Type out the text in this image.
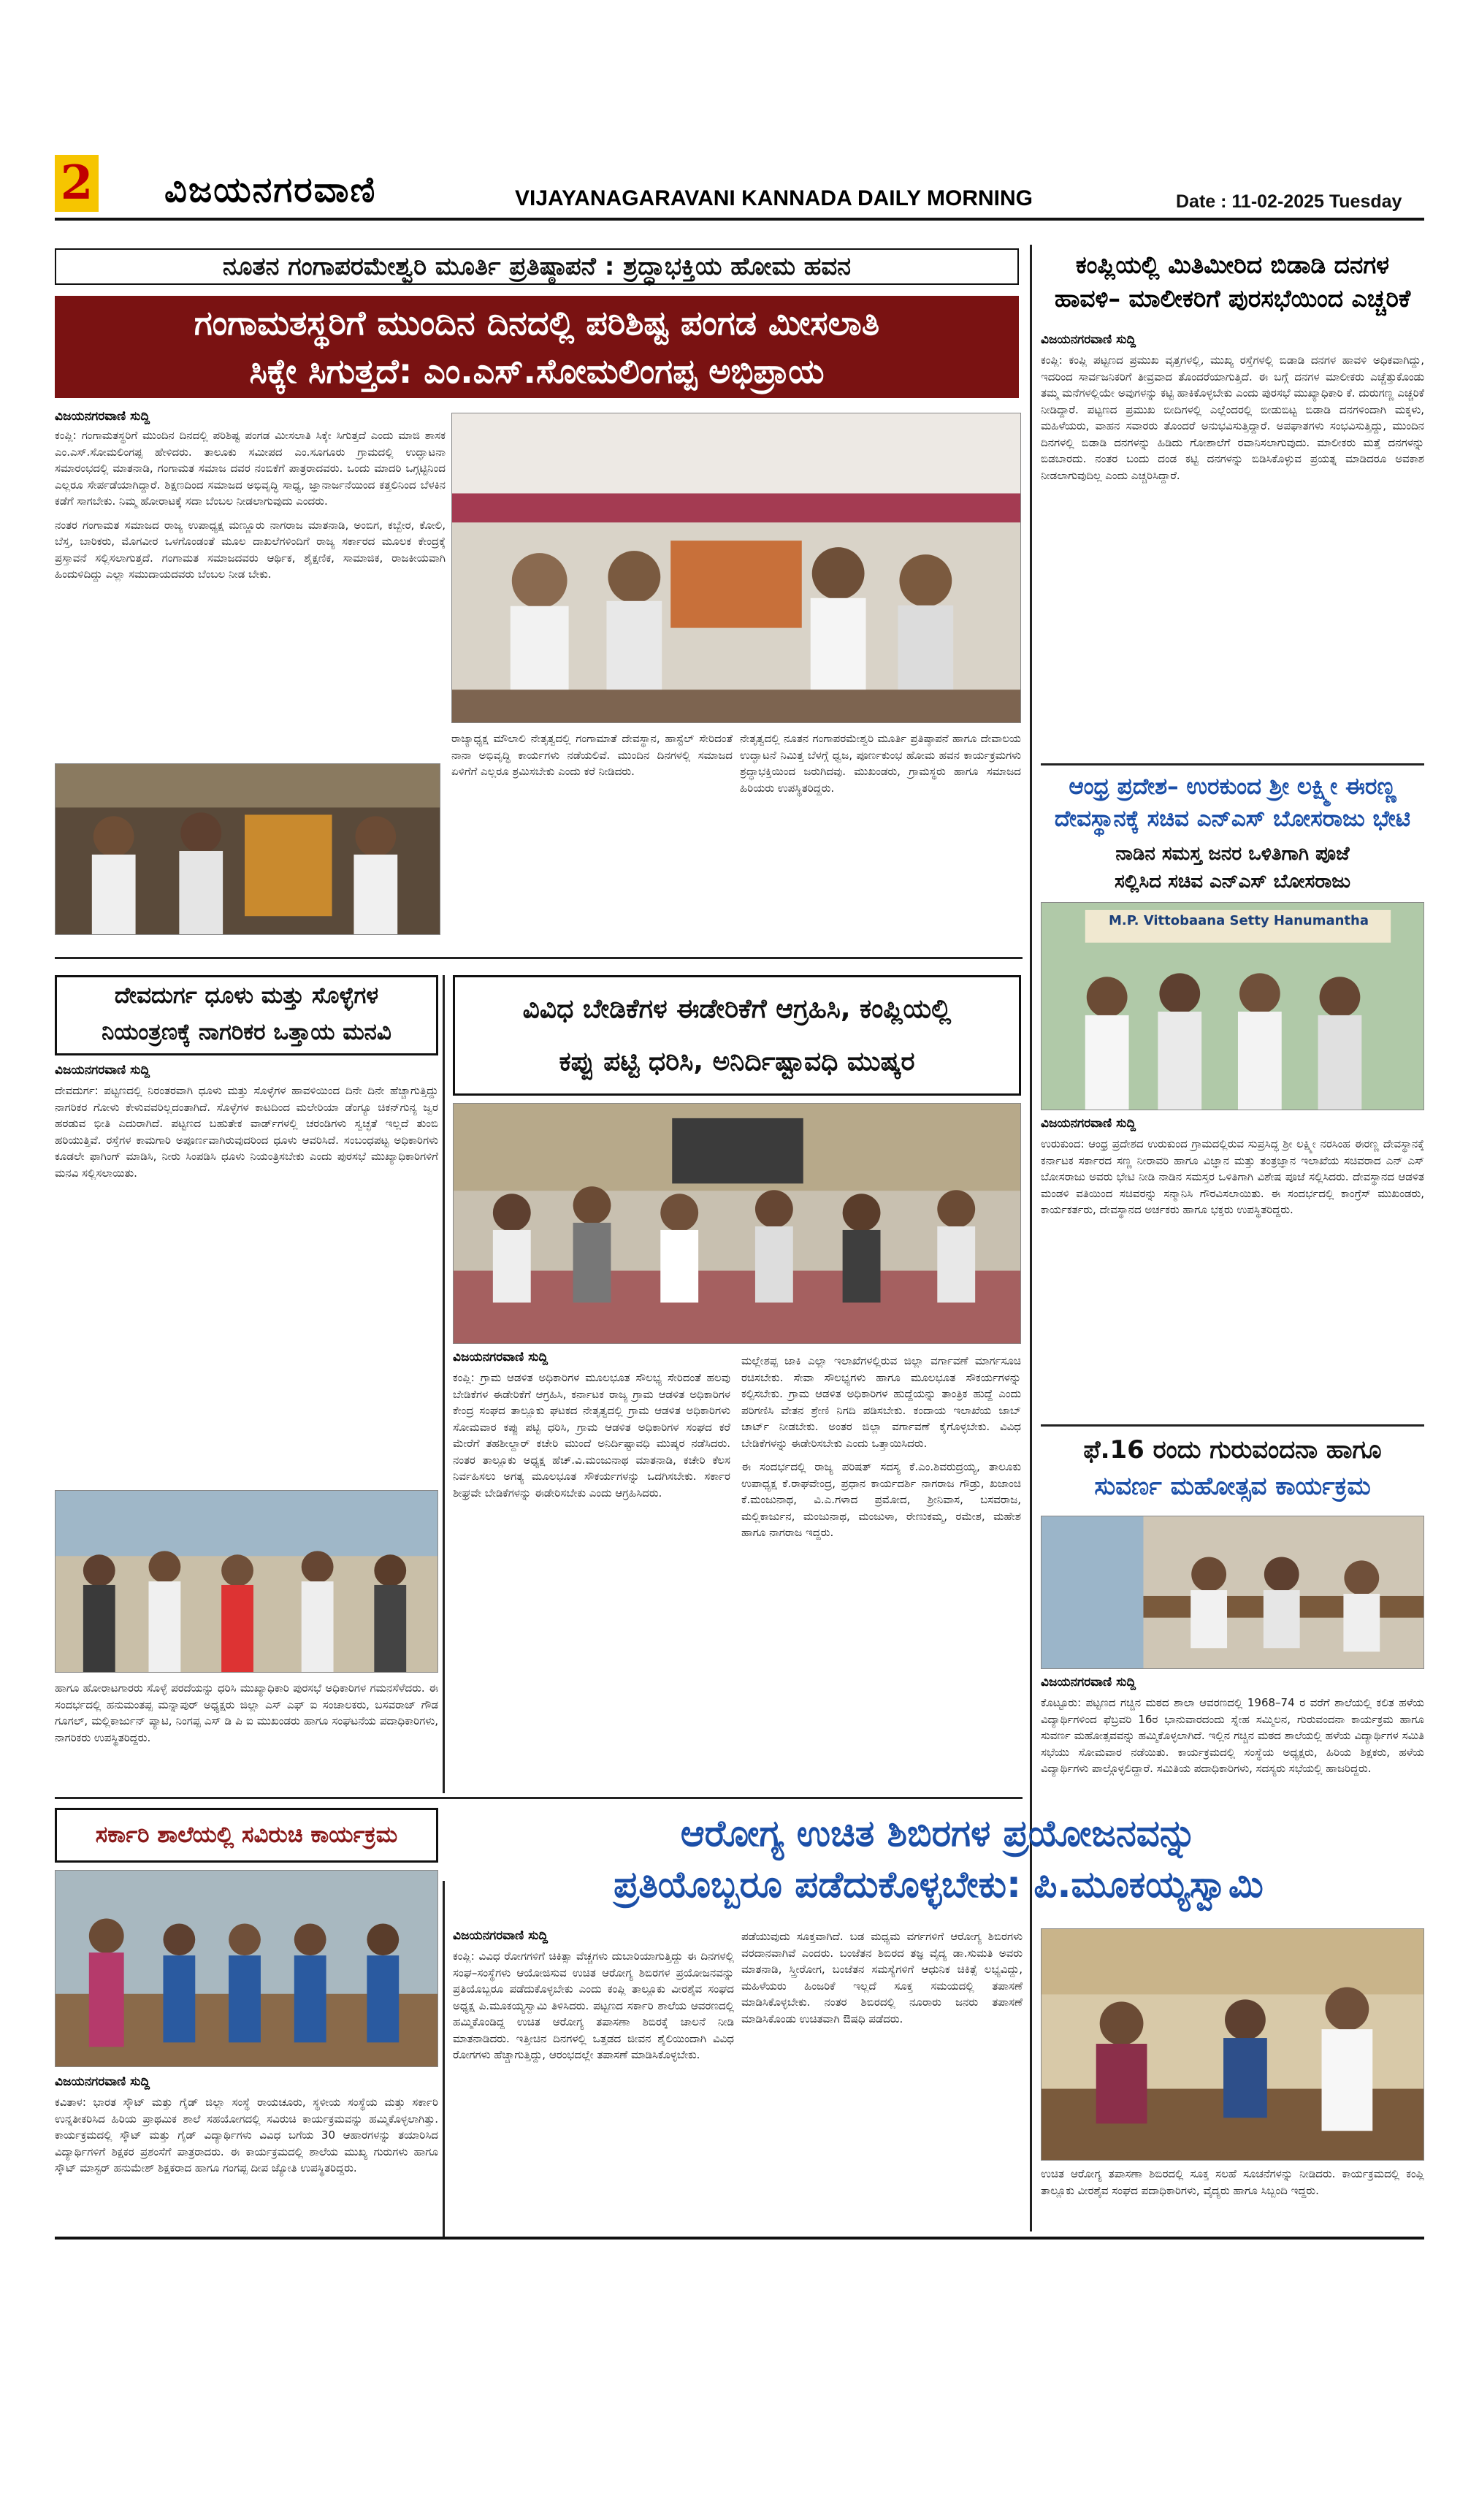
2 ವಿಜಯನಗರವಾಣಿ	VIJAYANAGARAVANI KANNADA DAILY MORNING	Date : 11-02-2025 Tuesday
ನೂತನ ಗಂಗಾಪರಮೇಶ್ವರಿ ಮೂರ್ತಿ ಪ್ರತಿಷ್ಠಾಪನೆ : ಶ್ರದ್ಧಾಭಕ್ತಿಯ ಹೋಮ ಹವನ
ಗಂಗಾಮತಸ್ಥರಿಗೆ ಮುಂದಿನ ದಿನದಲ್ಲಿ ಪರಿಶಿಷ್ಟ ಪಂಗಡ ಮೀಸಲಾತಿ
ಸಿಕ್ಕೇ ಸಿಗುತ್ತದೆ: ಎಂ.ಎಸ್.ಸೋಮಲಿಂಗಪ್ಪ ಅಭಿಪ್ರಾಯ
ವಿಜಯನಗರವಾಣಿ ಸುದ್ದಿ

ಕಂಪ್ಲಿ: ಗಂಗಾಮತಸ್ಥರಿಗೆ ಮುಂದಿನ ದಿನದಲ್ಲಿ ಪರಿಶಿಷ್ಟ ಪಂಗಡ ಮೀಸಲಾತಿ ಸಿಕ್ಕೇ ಸಿಗುತ್ತದೆ ಎಂದು ಮಾಜಿ ಶಾಸಕ ಎಂ.ಎಸ್.ಸೋಮಲಿಂಗಪ್ಪ ಹೇಳಿದರು. ತಾಲೂಕು ಸಮೀಪದ ಎಂ.ಸೂಗೂರು ಗ್ರಾಮದಲ್ಲಿ ಉದ್ಘಾಟನಾ ಸಮಾರಂಭದಲ್ಲಿ ಮಾತನಾಡಿ, ಗಂಗಾಮತ ಸಮಾಜ ದವರ ನಂಬಿಕೆಗೆ ಪಾತ್ರರಾದವರು. ಒಂದು ಮಾದರಿ ಒಗ್ಗಟ್ಟಿನಿಂದ ಎಲ್ಲರೂ ಸೇರ್ಪಡೆಯಾಗಿದ್ದಾರೆ. ಶಿಕ್ಷಣದಿಂದ ಸಮಾಜದ ಅಭಿವೃದ್ಧಿ ಸಾಧ್ಯ, ಜ್ಞಾನಾರ್ಜನೆಯಿಂದ ಕತ್ತಲಿನಿಂದ ಬೆಳಕಿನ ಕಡೆಗೆ ಸಾಗಬೇಕು. ನಿಮ್ಮ ಹೋರಾಟಕ್ಕೆ ಸದಾ ಬೆಂಬಲ ನೀಡಲಾಗುವುದು ಎಂದರು.

ನಂತರ ಗಂಗಾಮತ ಸಮಾಜದ ರಾಜ್ಯ ಉಪಾಧ್ಯಕ್ಷ ಮಣ್ಣೂರು ನಾಗರಾಜ ಮಾತನಾಡಿ, ಅಂಬಿಗ, ಕಬ್ಬೇರ, ಕೋಲಿ, ಬೆಸ್ತ, ಬಾರಿಕರು, ಮೊಗವೀರ ಒಳಗೊಂಡಂತೆ ಮೂಲ ದಾಖಲೆಗಳಿಂದಿಗೆ ರಾಜ್ಯ ಸರ್ಕಾರದ ಮೂಲಕ ಕೇಂದ್ರಕ್ಕೆ ಪ್ರಸ್ತಾವನೆ ಸಲ್ಲಿಸಲಾಗುತ್ತದೆ. ಗಂಗಾಮತ ಸಮಾಜದವರು ಆರ್ಥಿಕ, ಶೈಕ್ಷಣಿಕ, ಸಾಮಾಜಿಕ, ರಾಜಕೀಯವಾಗಿ ಹಿಂದುಳಿದಿದ್ದು ಎಲ್ಲಾ ಸಮುದಾಯದವರು ಬೆಂಬಲ ನೀಡ ಬೇಕು.

ರಾಜ್ಯಾಧ್ಯಕ್ಷ ಮೌಲಾಲಿ ನೇತೃತ್ವದಲ್ಲಿ ಗಂಗಾಮಾತೆ ದೇವಸ್ಥಾನ, ಹಾಸ್ಟೆಲ್ ಸೇರಿದಂತೆ ನಾನಾ ಅಭಿವೃದ್ಧಿ ಕಾರ್ಯಗಳು ನಡೆಯಲಿವೆ. ಮುಂದಿನ ದಿನಗಳಲ್ಲಿ ಸಮಾಜದ ಏಳಿಗೆಗೆ ಎಲ್ಲರೂ ಶ್ರಮಿಸಬೇಕು ಎಂದು ಕರೆ ನೀಡಿದರು.
ನೇತೃತ್ವದಲ್ಲಿ ನೂತನ ಗಂಗಾಪರಮೇಶ್ವರಿ ಮೂರ್ತಿ ಪ್ರತಿಷ್ಠಾಪನೆ ಹಾಗೂ ದೇವಾಲಯ ಉದ್ಘಾಟನೆ ನಿಮಿತ್ತ ಬೆಳಗ್ಗೆ ಧ್ವಜ, ಪೂರ್ಣಕುಂಭ ಹೋಮ ಹವನ ಕಾರ್ಯಕ್ರಮಗಳು ಶ್ರದ್ಧಾಭಕ್ತಿಯಿಂದ ಜರುಗಿದವು. ಮುಖಂಡರು, ಗ್ರಾಮಸ್ಥರು ಹಾಗೂ ಸಮಾಜದ ಹಿರಿಯರು ಉಪಸ್ಥಿತರಿದ್ದರು.
ಕಂಪ್ಲಿಯಲ್ಲಿ ಮಿತಿಮೀರಿದ ಬಿಡಾಡಿ ದನಗಳ
ಹಾವಳಿ– ಮಾಲೀಕರಿಗೆ ಪುರಸಭೆಯಿಂದ ಎಚ್ಚರಿಕೆ
ವಿಜಯನಗರವಾಣಿ ಸುದ್ದಿ
ಕಂಪ್ಲಿ: ಕಂಪ್ಲಿ ಪಟ್ಟಣದ ಪ್ರಮುಖ ವೃತ್ತಗಳಲ್ಲಿ, ಮುಖ್ಯ ರಸ್ತೆಗಳಲ್ಲಿ ಬಿಡಾಡಿ ದನಗಳ ಹಾವಳಿ ಅಧಿಕವಾಗಿದ್ದು, ಇದರಿಂದ ಸಾರ್ವಜನಿಕರಿಗೆ ತೀವ್ರವಾದ ತೊಂದರೆಯಾಗುತ್ತಿದೆ. ಈ ಬಗ್ಗೆ ದನಗಳ ಮಾಲೀಕರು ಎಚ್ಚೆತ್ತುಕೊಂಡು ತಮ್ಮ ಮನೆಗಳಲ್ಲಿಯೇ ಅವುಗಳನ್ನು ಕಟ್ಟಿ ಹಾಕಿಕೊಳ್ಳಬೇಕು ಎಂದು ಪುರಸಭೆ ಮುಖ್ಯಾಧಿಕಾರಿ ಕೆ. ದುರುಗಣ್ಣ ಎಚ್ಚರಿಕೆ ನೀಡಿದ್ದಾರೆ. ಪಟ್ಟಣದ ಪ್ರಮುಖ ಬೀದಿಗಳಲ್ಲಿ ಎಲ್ಲೆಂದರಲ್ಲಿ ಬೀಡುಬಿಟ್ಟ ಬಿಡಾಡಿ ದನಗಳಿಂದಾಗಿ ಮಕ್ಕಳು, ಮಹಿಳೆಯರು, ವಾಹನ ಸವಾರರು ತೊಂದರೆ ಅನುಭವಿಸುತ್ತಿದ್ದಾರೆ. ಅಪಘಾತಗಳು ಸಂಭವಿಸುತ್ತಿದ್ದು, ಮುಂದಿನ ದಿನಗಳಲ್ಲಿ ಬಿಡಾಡಿ ದನಗಳನ್ನು ಹಿಡಿದು ಗೋಶಾಲೆಗೆ ರವಾನಿಸಲಾಗುವುದು. ಮಾಲೀಕರು ಮತ್ತೆ ದನಗಳನ್ನು ಬಿಡಬಾರದು. ನಂತರ ಬಂದು ದಂಡ ಕಟ್ಟಿ ದನಗಳನ್ನು ಬಿಡಿಸಿಕೊಳ್ಳುವ ಪ್ರಯತ್ನ ಮಾಡಿದರೂ ಅವಕಾಶ ನೀಡಲಾಗುವುದಿಲ್ಲ ಎಂದು ಎಚ್ಚರಿಸಿದ್ದಾರೆ.
ಆಂಧ್ರ ಪ್ರದೇಶ– ಉರಕುಂದ ಶ್ರೀ ಲಕ್ಷ್ಮೀ ಈರಣ್ಣ
ದೇವಸ್ಥಾನಕ್ಕೆ ಸಚಿವ ಎನ್‌ಎಸ್‌ ಬೋಸರಾಜು ಭೇಟಿ
ನಾಡಿನ ಸಮಸ್ತ ಜನರ ಒಳಿತಿಗಾಗಿ ಪೂಜೆ
ಸಲ್ಲಿಸಿದ ಸಚಿವ ಎನ್‌ಎಸ್ ಬೋಸರಾಜು
M.P. Vittobaana Setty Hanumantha
ವಿಜಯನಗರವಾಣಿ ಸುದ್ದಿ
ಉರುಕುಂದ: ಆಂಧ್ರ ಪ್ರದೇಶದ ಉರುಕುಂದ ಗ್ರಾಮದಲ್ಲಿರುವ ಸುಪ್ರಸಿದ್ಧ ಶ್ರೀ ಲಕ್ಷ್ಮೀ ನರಸಿಂಹ ಈರಣ್ಣ ದೇವಸ್ಥಾನಕ್ಕೆ ಕರ್ನಾಟಕ ಸರ್ಕಾರದ ಸಣ್ಣ ನೀರಾವರಿ ಹಾಗೂ ವಿಜ್ಞಾನ ಮತ್ತು ತಂತ್ರಜ್ಞಾನ ಇಲಾಖೆಯ ಸಚಿವರಾದ ಎನ್ ಎಸ್ ಬೋಸರಾಜು ಅವರು ಭೇಟಿ ನೀಡಿ ನಾಡಿನ ಸಮಸ್ತರ ಒಳಿತಿಗಾಗಿ ವಿಶೇಷ ಪೂಜೆ ಸಲ್ಲಿಸಿದರು. ದೇವಸ್ಥಾನದ ಆಡಳಿತ ಮಂಡಳಿ ವತಿಯಿಂದ ಸಚಿವರನ್ನು ಸನ್ಮಾನಿಸಿ ಗೌರವಿಸಲಾಯಿತು. ಈ ಸಂದರ್ಭದಲ್ಲಿ ಕಾಂಗ್ರೆಸ್ ಮುಖಂಡರು, ಕಾರ್ಯಕರ್ತರು, ದೇವಸ್ಥಾನದ ಅರ್ಚಕರು ಹಾಗೂ ಭಕ್ತರು ಉಪಸ್ಥಿತರಿದ್ದರು.
ಫೆ.16 ರಂದು ಗುರುವಂದನಾ ಹಾಗೂ
ಸುವರ್ಣ ಮಹೋತ್ಸವ ಕಾರ್ಯಕ್ರಮ
ವಿಜಯನಗರವಾಣಿ ಸುದ್ದಿ
ಕೊಟ್ಟೂರು: ಪಟ್ಟಣದ ಗಚ್ಚಿನ ಮಠದ ಶಾಲಾ ಆವರಣದಲ್ಲಿ 1968–74 ರ ವರೆಗೆ ಶಾಲೆಯಲ್ಲಿ ಕಲಿತ ಹಳೆಯ ವಿದ್ಯಾರ್ಥಿಗಳಿಂದ ಫೆಬ್ರವರಿ 16ರ ಭಾನುವಾರದಂದು ಸ್ನೇಹ ಸಮ್ಮಿಲನ, ಗುರುವಂದನಾ ಕಾರ್ಯಕ್ರಮ ಹಾಗೂ ಸುವರ್ಣ ಮಹೋತ್ಸವವನ್ನು ಹಮ್ಮಿಕೊಳ್ಳಲಾಗಿದೆ. ಇಲ್ಲಿನ ಗಚ್ಚಿನ ಮಠದ ಶಾಲೆಯಲ್ಲಿ ಹಳೆಯ ವಿದ್ಯಾರ್ಥಿಗಳ ಸಮಿತಿ ಸಭೆಯು ಸೋಮವಾರ ನಡೆಯಿತು. ಕಾರ್ಯಕ್ರಮದಲ್ಲಿ ಸಂಸ್ಥೆಯ ಅಧ್ಯಕ್ಷರು, ಹಿರಿಯ ಶಿಕ್ಷಕರು, ಹಳೆಯ ವಿದ್ಯಾರ್ಥಿಗಳು ಪಾಲ್ಗೊಳ್ಳಲಿದ್ದಾರೆ. ಸಮಿತಿಯ ಪದಾಧಿಕಾರಿಗಳು, ಸದಸ್ಯರು ಸಭೆಯಲ್ಲಿ ಹಾಜರಿದ್ದರು.
ದೇವದುರ್ಗ ಧೂಳು ಮತ್ತು ಸೊಳ್ಳೆಗಳ
ನಿಯಂತ್ರಣಕ್ಕೆ ನಾಗರಿಕರ ಒತ್ತಾಯ ಮನವಿ
ವಿಜಯನಗರವಾಣಿ ಸುದ್ದಿ
ದೇವದುರ್ಗ: ಪಟ್ಟಣದಲ್ಲಿ ನಿರಂತರವಾಗಿ ಧೂಳು ಮತ್ತು ಸೊಳ್ಳೆಗಳ ಹಾವಳಿಯಿಂದ ದಿನೇ ದಿನೇ ಹೆಚ್ಚಾಗುತ್ತಿದ್ದು ನಾಗರಿಕರ ಗೋಳು ಕೇಳುವವರಿಲ್ಲದಂತಾಗಿದೆ. ಸೊಳ್ಳೆಗಳ ಕಾಟದಿಂದ ಮಲೇರಿಯಾ ಡೆಂಗ್ಯೂ ಚಿಕನ್‌ಗುನ್ಯ ಜ್ವರ ಹರಡುವ ಭೀತಿ ಎದುರಾಗಿದೆ. ಪಟ್ಟಣದ ಬಹುತೇಕ ವಾರ್ಡ್‌ಗಳಲ್ಲಿ ಚರಂಡಿಗಳು ಸ್ವಚ್ಛತೆ ಇಲ್ಲದೆ ತುಂಬಿ ಹರಿಯುತ್ತಿವೆ. ರಸ್ತೆಗಳ ಕಾಮಗಾರಿ ಅಪೂರ್ಣವಾಗಿರುವುದರಿಂದ ಧೂಳು ಆವರಿಸಿದೆ. ಸಂಬಂಧಪಟ್ಟ ಅಧಿಕಾರಿಗಳು ಕೂಡಲೇ ಫಾಗಿಂಗ್ ಮಾಡಿಸಿ, ನೀರು ಸಿಂಪಡಿಸಿ ಧೂಳು ನಿಯಂತ್ರಿಸಬೇಕು ಎಂದು ಪುರಸಭೆ ಮುಖ್ಯಾಧಿಕಾರಿಗಳಿಗೆ ಮನವಿ ಸಲ್ಲಿಸಲಾಯಿತು.
ಹಾಗೂ ಹೋರಾಟಗಾರರು ಸೊಳ್ಳೆ ಪರದೆಯನ್ನು ಧರಿಸಿ ಮುಖ್ಯಾಧಿಕಾರಿ ಪುರಸಭೆ ಅಧಿಕಾರಿಗಳ ಗಮನಸೆಳೆದರು. ಈ ಸಂದರ್ಭದಲ್ಲಿ ಹನುಮಂತಪ್ಪ ಮನ್ನಾಪುರ್ ಅಧ್ಯಕ್ಷರು ಜಿಲ್ಲಾ ಎಸ್ ಎಫ್ ಐ ಸಂಚಾಲಕರು, ಬಸವರಾಜ್ ಗೌಡ ಗೂಗಲ್, ಮಲ್ಲಿಕಾರ್ಜುನ್ ಪ್ಯಾಟಿ, ನಿಂಗಪ್ಪ ಎಸ್ ಡಿ ಪಿ ಐ ಮುಖಂಡರು ಹಾಗೂ ಸಂಘಟನೆಯ ಪದಾಧಿಕಾರಿಗಳು, ನಾಗರಿಕರು ಉಪಸ್ಥಿತರಿದ್ದರು.
ವಿವಿಧ ಬೇಡಿಕೆಗಳ ಈಡೇರಿಕೆಗೆ ಆಗ್ರಹಿಸಿ, ಕಂಪ್ಲಿಯಲ್ಲಿ
ಕಪ್ಪು ಪಟ್ಟಿ ಧರಿಸಿ, ಅನಿರ್ದಿಷ್ಟಾವಧಿ ಮುಷ್ಕರ
ವಿಜಯನಗರವಾಣಿ ಸುದ್ದಿ
ಕಂಪ್ಲಿ: ಗ್ರಾಮ ಆಡಳಿತ ಅಧಿಕಾರಿಗಳ ಮೂಲಭೂತ ಸೌಲಭ್ಯ ಸೇರಿದಂತೆ ಹಲವು ಬೇಡಿಕೆಗಳ ಈಡೇರಿಕೆಗೆ ಆಗ್ರಹಿಸಿ, ಕರ್ನಾಟಕ ರಾಜ್ಯ ಗ್ರಾಮ ಆಡಳಿತ ಅಧಿಕಾರಿಗಳ ಕೇಂದ್ರ ಸಂಘದ ತಾಲ್ಲೂಕು ಘಟಕದ ನೇತೃತ್ವದಲ್ಲಿ ಗ್ರಾಮ ಆಡಳಿತ ಅಧಿಕಾರಿಗಳು ಸೋಮವಾರ ಕಪ್ಪು ಪಟ್ಟಿ ಧರಿಸಿ, ಗ್ರಾಮ ಆಡಳಿತ ಅಧಿಕಾರಿಗಳ ಸಂಘದ ಕರೆ ಮೇರೆಗೆ ತಹಶೀಲ್ದಾರ್ ಕಚೇರಿ ಮುಂದೆ ಅನಿರ್ದಿಷ್ಟಾವಧಿ ಮುಷ್ಕರ ನಡೆಸಿದರು. ನಂತರ ತಾಲ್ಲೂಕು ಅಧ್ಯಕ್ಷ ಹೆಚ್.ವಿ.ಮಂಜುನಾಥ ಮಾತನಾಡಿ, ಕಚೇರಿ ಕೆಲಸ ನಿರ್ವಹಿಸಲು ಅಗತ್ಯ ಮೂಲಭೂತ ಸೌಕರ್ಯಗಳನ್ನು ಒದಗಿಸಬೇಕು. ಸರ್ಕಾರ ಶೀಘ್ರವೇ ಬೇಡಿಕೆಗಳನ್ನು ಈಡೇರಿಸಬೇಕು ಎಂದು ಆಗ್ರಹಿಸಿದರು.

ಮಲ್ಲೇಶಪ್ಪ ಜಾಕಿ ಎಲ್ಲಾ ಇಲಾಖೆಗಳಲ್ಲಿರುವ ಜಿಲ್ಲಾ ವರ್ಗಾವಣೆ ಮಾರ್ಗಸೂಚಿ ರಚಿಸಬೇಕು. ಸೇವಾ ಸೌಲಭ್ಯಗಳು ಹಾಗೂ ಮೂಲಭೂತ ಸೌಕರ್ಯಗಳನ್ನು ಕಲ್ಪಿಸಬೇಕು. ಗ್ರಾಮ ಆಡಳಿತ ಅಧಿಕಾರಿಗಳ ಹುದ್ದೆಯನ್ನು ತಾಂತ್ರಿಕ ಹುದ್ದೆ ಎಂದು ಪರಿಗಣಿಸಿ ವೇತನ ಶ್ರೇಣಿ ನಿಗದಿ ಪಡಿಸಬೇಕು. ಕಂದಾಯ ಇಲಾಖೆಯ ಜಾಬ್ ಚಾರ್ಟ್ ನೀಡಬೇಕು. ಅಂತರ ಜಿಲ್ಲಾ ವರ್ಗಾವಣೆ ಕೈಗೊಳ್ಳಬೇಕು. ವಿವಿಧ ಬೇಡಿಕೆಗಳನ್ನು ಈಡೇರಿಸಬೇಕು ಎಂದು ಒತ್ತಾಯಿಸಿದರು.

ಈ ಸಂದರ್ಭದಲ್ಲಿ ರಾಜ್ಯ ಪರಿಷತ್ ಸದಸ್ಯ ಕೆ.ಎಂ.ಶಿವರುದ್ರಯ್ಯ, ತಾಲೂಕು ಉಪಾಧ್ಯಕ್ಷ ಕೆ.ರಾಘವೇಂದ್ರ, ಪ್ರಧಾನ ಕಾರ್ಯದರ್ಶಿ ನಾಗರಾಜ ಗೌಡ್ರು, ಖಜಾಂಚಿ ಕೆ.ಮಂಜುನಾಥ, ವಿ.ಎ.ಗಳಾದ ಪ್ರಮೋದ, ಶ್ರೀನಿವಾಸ, ಬಸವರಾಜ, ಮಲ್ಲಿಕಾರ್ಜುನ, ಮಂಜುನಾಥ, ಮಂಜುಳಾ, ರೇಣುಕಮ್ಮ, ರಮೇಶ, ಮಹೇಶ ಹಾಗೂ ನಾಗರಾಜ ಇದ್ದರು.

ಸರ್ಕಾರಿ ಶಾಲೆಯಲ್ಲಿ ಸವಿರುಚಿ ಕಾರ್ಯಕ್ರಮ
ವಿಜಯನಗರವಾಣಿ ಸುದ್ದಿ
ಕವಿತಾಳ: ಭಾರತ ಸ್ಕೌಟ್ ಮತ್ತು ಗೈಡ್ ಜಿಲ್ಲಾ ಸಂಸ್ಥೆ ರಾಯಚೂರು, ಸ್ಥಳೀಯ ಸಂಸ್ಥೆಯ ಮತ್ತು ಸರ್ಕಾರಿ ಉನ್ನತೀಕರಿಸಿದ ಹಿರಿಯ ಪ್ರಾಥಮಿಕ ಶಾಲೆ ಸಹಯೋಗದಲ್ಲಿ ಸವಿರುಚಿ ಕಾರ್ಯಕ್ರಮವನ್ನು ಹಮ್ಮಿಕೊಳ್ಳಲಾಗಿತ್ತು. ಕಾರ್ಯಕ್ರಮದಲ್ಲಿ ಸ್ಕೌಟ್ ಮತ್ತು ಗೈಡ್ ವಿದ್ಯಾರ್ಥಿಗಳು ವಿವಿಧ ಬಗೆಯ 30 ಆಹಾರಗಳನ್ನು ತಯಾರಿಸಿದ ವಿದ್ಯಾರ್ಥಿಗಳಿಗೆ ಶಿಕ್ಷಕರ ಪ್ರಶಂಸೆಗೆ ಪಾತ್ರರಾದರು. ಈ ಕಾರ್ಯಕ್ರಮದಲ್ಲಿ ಶಾಲೆಯ ಮುಖ್ಯ ಗುರುಗಳು ಹಾಗೂ ಸ್ಕೌಟ್ ಮಾಸ್ಟರ್ ಹನುಮೇಶ್ ಶಿಕ್ಷಕರಾದ ಹಾಗೂ ಗಂಗಪ್ಪ ದೀಪ ಜ್ಯೋತಿ ಉಪಸ್ಥಿತರಿದ್ದರು.
ಆರೋಗ್ಯ ಉಚಿತ ಶಿಬಿರಗಳ ಪ್ರಯೋಜನವನ್ನು
ಪ್ರತಿಯೊಬ್ಬರೂ ಪಡೆದುಕೊಳ್ಳಬೇಕು: ಪಿ.ಮೂಕಯ್ಯಸ್ವಾಮಿ
ವಿಜಯನಗರವಾಣಿ ಸುದ್ದಿ
ಕಂಪ್ಲಿ: ವಿವಿಧ ರೋಗಗಳಿಗೆ ಚಿಕಿತ್ಸಾ ವೆಚ್ಚಗಳು ದುಬಾರಿಯಾಗುತ್ತಿದ್ದು ಈ ದಿನಗಳಲ್ಲಿ ಸಂಘ–ಸಂಸ್ಥೆಗಳು ಆಯೋಜಿಸುವ ಉಚಿತ ಆರೋಗ್ಯ ಶಿಬಿರಗಳ ಪ್ರಯೋಜನವನ್ನು ಪ್ರತಿಯೊಬ್ಬರೂ ಪಡೆದುಕೊಳ್ಳಬೇಕು ಎಂದು ಕಂಪ್ಲಿ ತಾಲ್ಲೂಕು ವೀರಶೈವ ಸಂಘದ ಅಧ್ಯಕ್ಷ ಪಿ.ಮೂಕಯ್ಯಸ್ವಾಮಿ ತಿಳಿಸಿದರು. ಪಟ್ಟಣದ ಸರ್ಕಾರಿ ಶಾಲೆಯ ಆವರಣದಲ್ಲಿ ಹಮ್ಮಿಕೊಂಡಿದ್ದ ಉಚಿತ ಆರೋಗ್ಯ ತಪಾಸಣಾ ಶಿಬಿರಕ್ಕೆ ಚಾಲನೆ ನೀಡಿ ಮಾತನಾಡಿದರು. ಇತ್ತೀಚಿನ ದಿನಗಳಲ್ಲಿ ಒತ್ತಡದ ಜೀವನ ಶೈಲಿಯಿಂದಾಗಿ ವಿವಿಧ ರೋಗಗಳು ಹೆಚ್ಚಾಗುತ್ತಿದ್ದು, ಆರಂಭದಲ್ಲೇ ತಪಾಸಣೆ ಮಾಡಿಸಿಕೊಳ್ಳಬೇಕು.
ಪಡೆಯುವುದು ಸೂಕ್ತವಾಗಿದೆ. ಬಡ ಮಧ್ಯಮ ವರ್ಗಗಳಿಗೆ ಆರೋಗ್ಯ ಶಿಬಿರಗಳು ವರದಾನವಾಗಿವೆ ಎಂದರು. ಬಂಜೆತನ ಶಿಬಿರದ ತಜ್ಞ ವೈದ್ಯ ಡಾ.ಸುಮತಿ ಅವರು ಮಾತನಾಡಿ, ಸ್ತ್ರೀರೋಗ, ಬಂಜೆತನ ಸಮಸ್ಯೆಗಳಿಗೆ ಆಧುನಿಕ ಚಿಕಿತ್ಸೆ ಲಭ್ಯವಿದ್ದು, ಮಹಿಳೆಯರು ಹಿಂಜರಿಕೆ ಇಲ್ಲದೆ ಸೂಕ್ತ ಸಮಯದಲ್ಲಿ ತಪಾಸಣೆ ಮಾಡಿಸಿಕೊಳ್ಳಬೇಕು. ನಂತರ ಶಿಬಿರದಲ್ಲಿ ನೂರಾರು ಜನರು ತಪಾಸಣೆ ಮಾಡಿಸಿಕೊಂಡು ಉಚಿತವಾಗಿ ಔಷಧಿ ಪಡೆದರು.
ಉಚಿತ ಆರೋಗ್ಯ ತಪಾಸಣಾ ಶಿಬಿರದಲ್ಲಿ ಸೂಕ್ತ ಸಲಹೆ ಸೂಚನೆಗಳನ್ನು ನೀಡಿದರು. ಕಾರ್ಯಕ್ರಮದಲ್ಲಿ ಕಂಪ್ಲಿ ತಾಲ್ಲೂಕು ವೀರಶೈವ ಸಂಘದ ಪದಾಧಿಕಾರಿಗಳು, ವೈದ್ಯರು ಹಾಗೂ ಸಿಬ್ಬಂದಿ ಇದ್ದರು.
